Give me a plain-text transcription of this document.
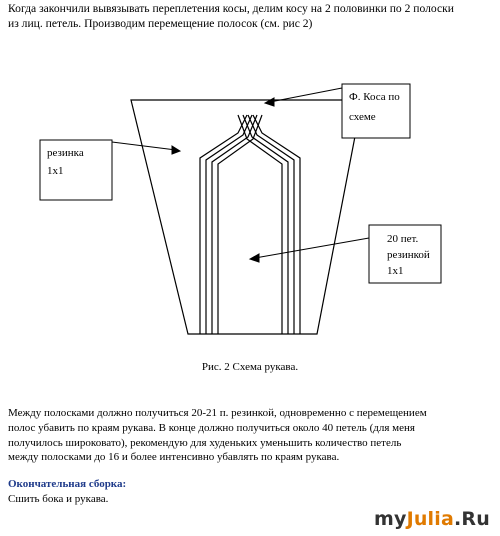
Когда закончили вывязывать переплетения косы, делим косу на 2 половинки по 2 полоски
из лиц. петель. Производим перемещение полосок (см. рис 2)
резинка
1х1
Ф. Коса по
схеме
20 пет.
резинкой
1х1
Рис. 2 Схема рукава.
Между полосками должно получиться 20-21 п. резинкой, одновременно с перемещением
полос убавить по краям рукава. В конце должно получиться около 40 петель (для меня
получилось широковато), рекомендую для худеньких уменьшить количество петель
между полосками до 16 и более интенсивно убавлять по краям рукава.
Окончательная сборка:
Сшить бока и рукава.
myJulia.Ru
